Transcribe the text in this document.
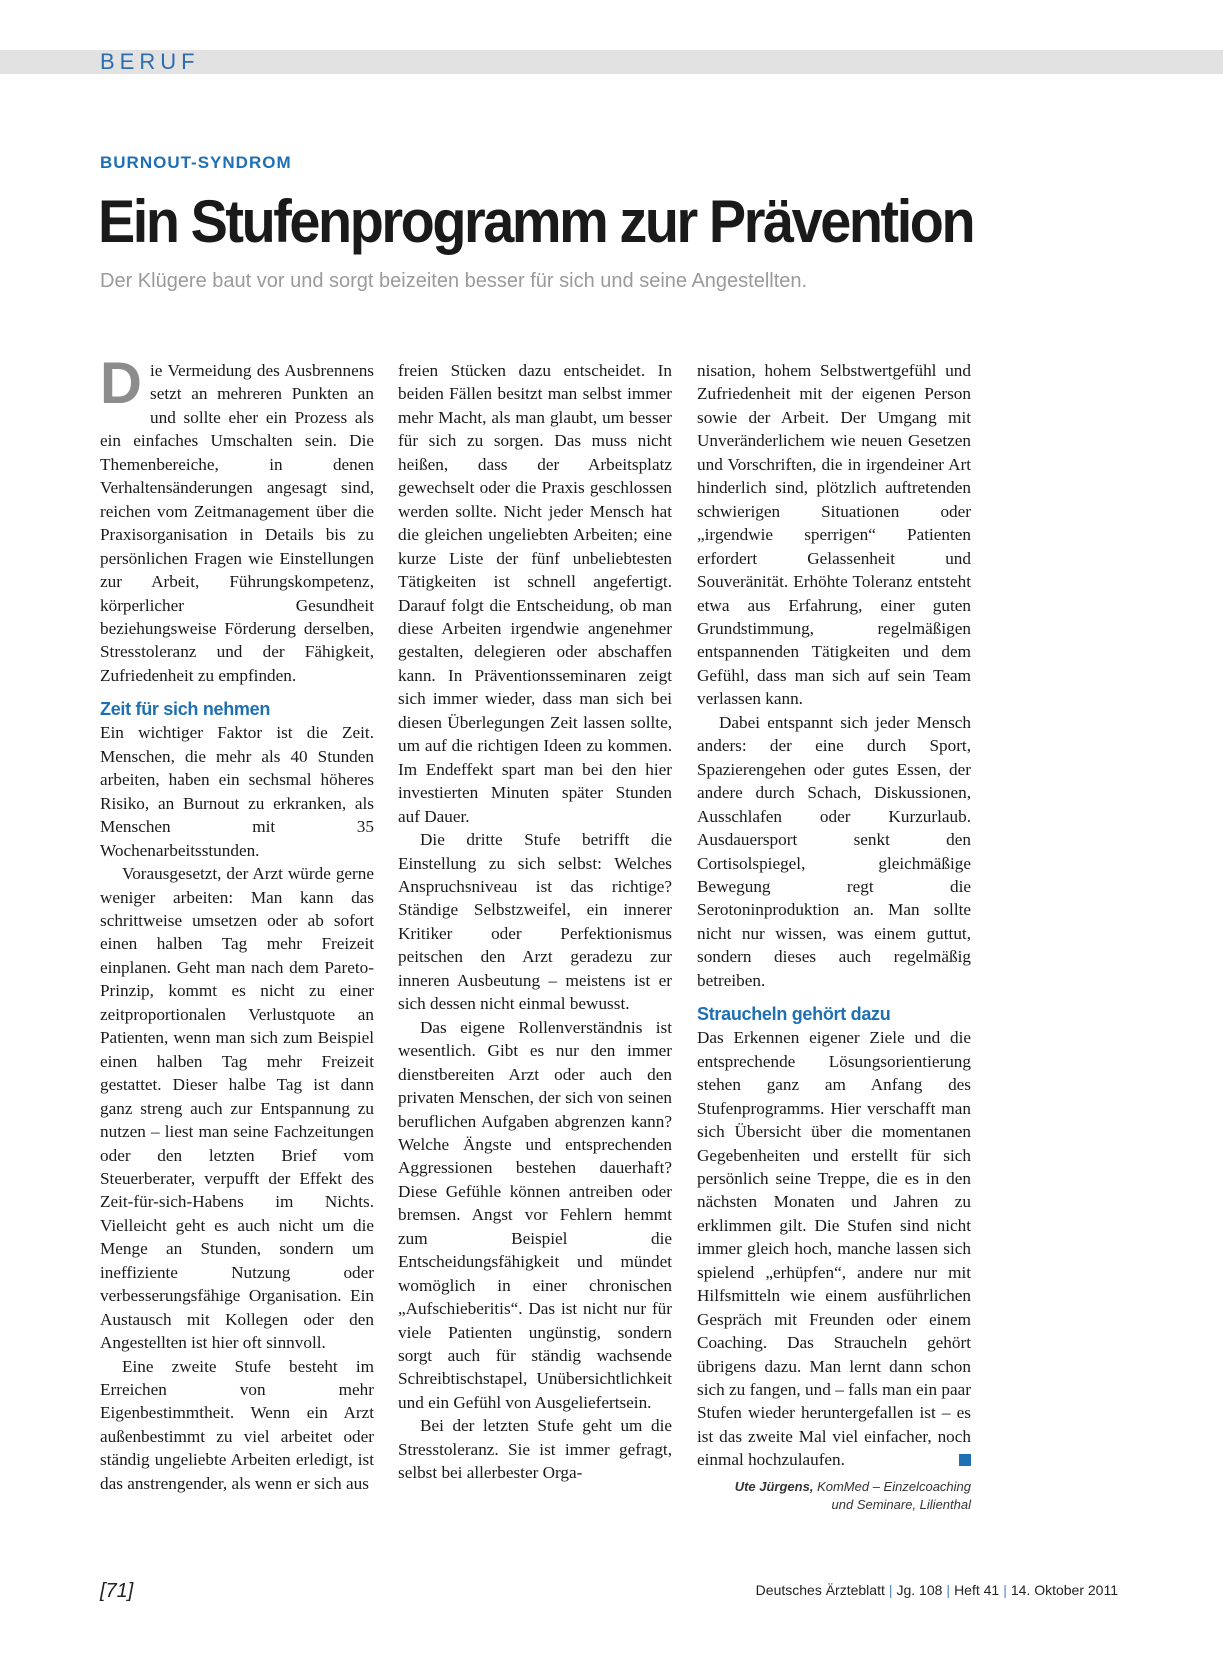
BERUF
BURNOUT-SYNDROM
Ein Stufenprogramm zur Prävention
Der Klügere baut vor und sorgt beizeiten besser für sich und seine Angestellten.

Die Vermeidung des Ausbrennens setzt an mehreren Punkten an und sollte eher ein Prozess als ein einfaches Umschalten sein. Die Themenbereiche, in denen Verhaltensänderungen angesagt sind, reichen vom Zeitmanagement über die Praxisorganisation in Details bis zu persönlichen Fragen wie Einstellungen zur Arbeit, Führungskompetenz, körperlicher Gesundheit beziehungsweise Förderung derselben, Stresstoleranz und der Fähigkeit, Zufriedenheit zu empfinden.

Zeit für sich nehmen

Ein wichtiger Faktor ist die Zeit. Menschen, die mehr als 40 Stunden arbeiten, haben ein sechsmal höheres Risiko, an Burnout zu erkranken, als Menschen mit 35 Wochenarbeitsstunden.

Vorausgesetzt, der Arzt würde gerne weniger arbeiten: Man kann das schrittweise umsetzen oder ab sofort einen halben Tag mehr Freizeit einplanen. Geht man nach dem Pareto-Prinzip, kommt es nicht zu einer zeitproportionalen Verlustquote an Patienten, wenn man sich zum Beispiel einen halben Tag mehr Freizeit gestattet. Dieser halbe Tag ist dann ganz streng auch zur Entspannung zu nutzen – liest man seine Fachzeitungen oder den letzten Brief vom Steuerberater, verpufft der Effekt des Zeit-für-sich-Habens im Nichts. Vielleicht geht es auch nicht um die Menge an Stunden, sondern um ineffiziente Nutzung oder verbesserungsfähige Organisation. Ein Austausch mit Kollegen oder den Angestellten ist hier oft sinnvoll.

Eine zweite Stufe besteht im Erreichen von mehr Eigenbestimmtheit. Wenn ein Arzt außenbestimmt zu viel arbeitet oder ständig ungeliebte Arbeiten erledigt, ist das anstrengender, als wenn er sich aus

freien Stücken dazu entscheidet. In beiden Fällen besitzt man selbst immer mehr Macht, als man glaubt, um besser für sich zu sorgen. Das muss nicht heißen, dass der Arbeitsplatz gewechselt oder die Praxis geschlossen werden sollte. Nicht jeder Mensch hat die gleichen ungeliebten Arbeiten; eine kurze Liste der fünf unbeliebtesten Tätigkeiten ist schnell angefertigt. Darauf folgt die Entscheidung, ob man diese Arbeiten irgendwie angenehmer gestalten, delegieren oder abschaffen kann. In Präventionsseminaren zeigt sich immer wieder, dass man sich bei diesen Überlegungen Zeit lassen sollte, um auf die richtigen Ideen zu kommen. Im Endeffekt spart man bei den hier investierten Minuten später Stunden auf Dauer.

Die dritte Stufe betrifft die Einstellung zu sich selbst: Welches Anspruchsniveau ist das richtige? Ständige Selbstzweifel, ein innerer Kritiker oder Perfektionismus peitschen den Arzt geradezu zur inneren Ausbeutung – meistens ist er sich dessen nicht einmal bewusst.

Das eigene Rollenverständnis ist wesentlich. Gibt es nur den immer dienstbereiten Arzt oder auch den privaten Menschen, der sich von seinen beruflichen Aufgaben abgrenzen kann? Welche Ängste und entsprechenden Aggressionen bestehen dauerhaft? Diese Gefühle können antreiben oder bremsen. Angst vor Fehlern hemmt zum Beispiel die Entscheidungsfähigkeit und mündet womöglich in einer chronischen „Aufschieberitis“. Das ist nicht nur für viele Patienten ungünstig, sondern sorgt auch für ständig wachsende Schreibtischstapel, Unübersichtlichkeit und ein Gefühl von Ausgeliefertsein.

Bei der letzten Stufe geht um die Stresstoleranz. Sie ist immer gefragt, selbst bei allerbester Orga-

nisation, hohem Selbstwertgefühl und Zufriedenheit mit der eigenen Person sowie der Arbeit. Der Umgang mit Unveränderlichem wie neuen Gesetzen und Vorschriften, die in irgendeiner Art hinderlich sind, plötzlich auftretenden schwierigen Situationen oder „irgendwie sperrigen“ Patienten erfordert Gelassenheit und Souveränität. Erhöhte Toleranz entsteht etwa aus Erfahrung, einer guten Grundstimmung, regelmäßigen entspannenden Tätigkeiten und dem Gefühl, dass man sich auf sein Team verlassen kann.

Dabei entspannt sich jeder Mensch anders: der eine durch Sport, Spazierengehen oder gutes Essen, der andere durch Schach, Diskussionen, Ausschlafen oder Kurzurlaub. Ausdauersport senkt den Cortisolspiegel, gleichmäßige Bewegung regt die Serotoninproduktion an. Man sollte nicht nur wissen, was einem guttut, sondern dieses auch regelmäßig betreiben.

Straucheln gehört dazu

Das Erkennen eigener Ziele und die entsprechende Lösungsorientierung stehen ganz am Anfang des Stufenprogramms. Hier verschafft man sich Übersicht über die momentanen Gegebenheiten und erstellt für sich persönlich seine Treppe, die es in den nächsten Monaten und Jahren zu erklimmen gilt. Die Stufen sind nicht immer gleich hoch, manche lassen sich spielend „erhüpfen“, andere nur mit Hilfsmitteln wie einem ausführlichen Gespräch mit Freunden oder einem Coaching. Das Straucheln gehört übrigens dazu. Man lernt dann schon sich zu fangen, und – falls man ein paar Stufen wieder heruntergefallen ist – es ist das zweite Mal viel einfacher, noch einmal hochzulaufen.

Ute Jürgens, KomMed – Einzelcoaching
und Seminare, Lilienthal
[71]	Deutsches Ärzteblatt | Jg. 108 | Heft 41 | 14. Oktober 2011
